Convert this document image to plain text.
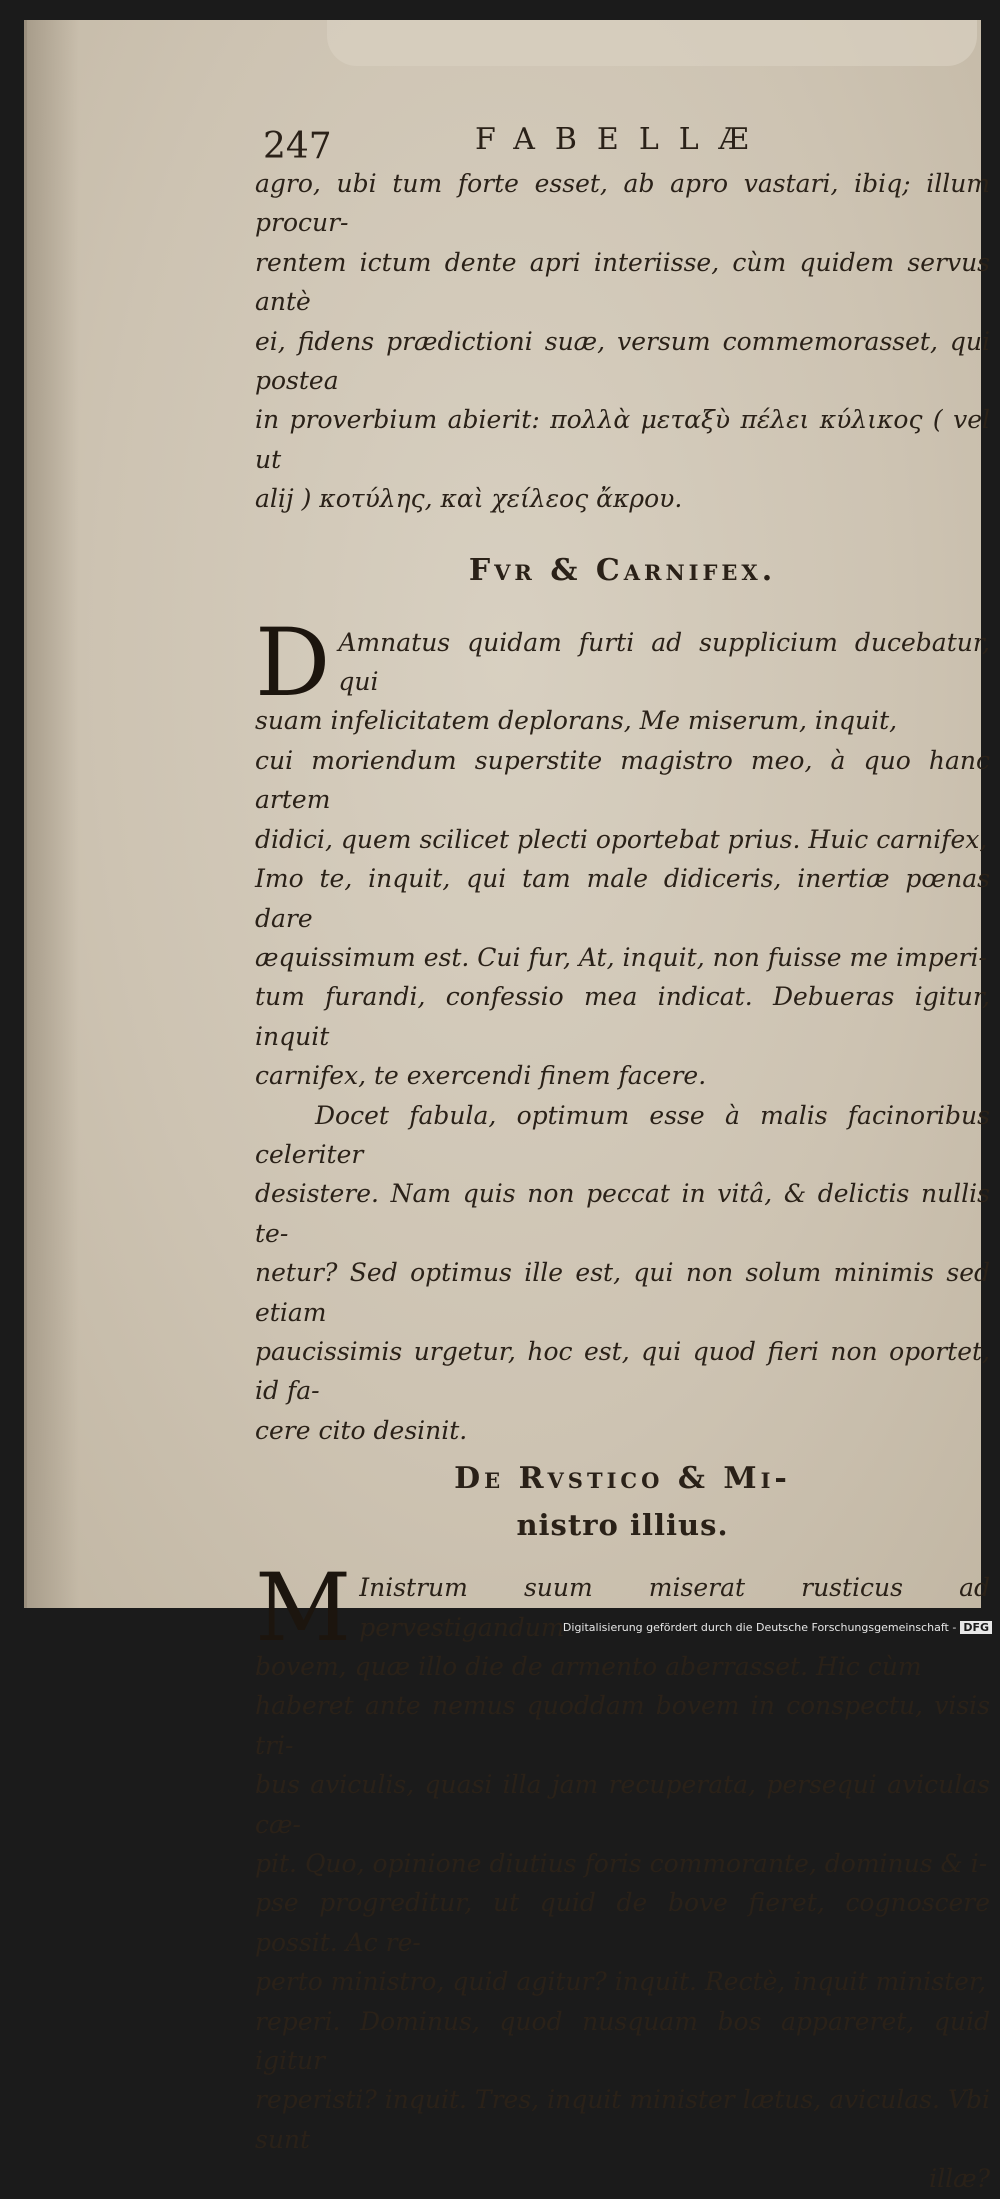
247	FABELLÆ

agro, ubi tum forte esset, ab apro vastari, ibiq; illum procur-
rentem ictum dente apri interiisse, cùm quidem servus antè
ei, fidens prædictioni suæ, versum commemorasset, qui postea
in proverbium abierit: πολλὰ μεταξὺ πέλει κύλικος ( vel ut
alij ) κοτύλης, καὶ χείλεος ἄκρου.

Fvr & Carnifex.

D Amnatus quidam furti ad supplicium ducebatur, qui
suam infelicitatem deplorans, Me miserum, inquit,
cui moriendum superstite magistro meo, à quo hanc artem
didici, quem scilicet plecti oportebat prius. Huic carnifex,
Imo te, inquit, qui tam male didiceris, inertiæ pœnas dare
æquissimum est. Cui fur, At, inquit, non fuisse me imperi-
tum furandi, confessio mea indicat. Debueras igitur, inquit
carnifex, te exercendi finem facere.

Docet fabula, optimum esse à malis facinoribus celeriter
desistere. Nam quis non peccat in vitâ, & delictis nullis te-
netur? Sed optimus ille est, qui non solum minimis sed etiam
paucissimis urgetur, hoc est, qui quod fieri non oportet, id fa-
cere cito desinit.

De Rvstico & Mi-
nistro illius.

M Inistrum suum miserat rusticus ad pervestigandum
bovem, quæ illo die de armento aberrasset. Hic cùm
haberet ante nemus quoddam bovem in conspectu, visis tri-
bus aviculis, quasi illa jam recuperata, persequi aviculas cæ-
pit. Quo, opinione diutius foris commorante, dominus & i-
pse progreditur, ut quid de bove fieret, cognoscere possit. Ac re-
perto ministro, quid agitur? inquit. Rectè, inquit minister,
reperi. Dominus, quod nusquam bos appareret, quid igitur
reperisti? inquit. Tres, inquit minister lætus, aviculas. Vbi sunt
illæ?

Digitalisierung gefördert durch die Deutsche Forschungsgemeinschaft - DFG
